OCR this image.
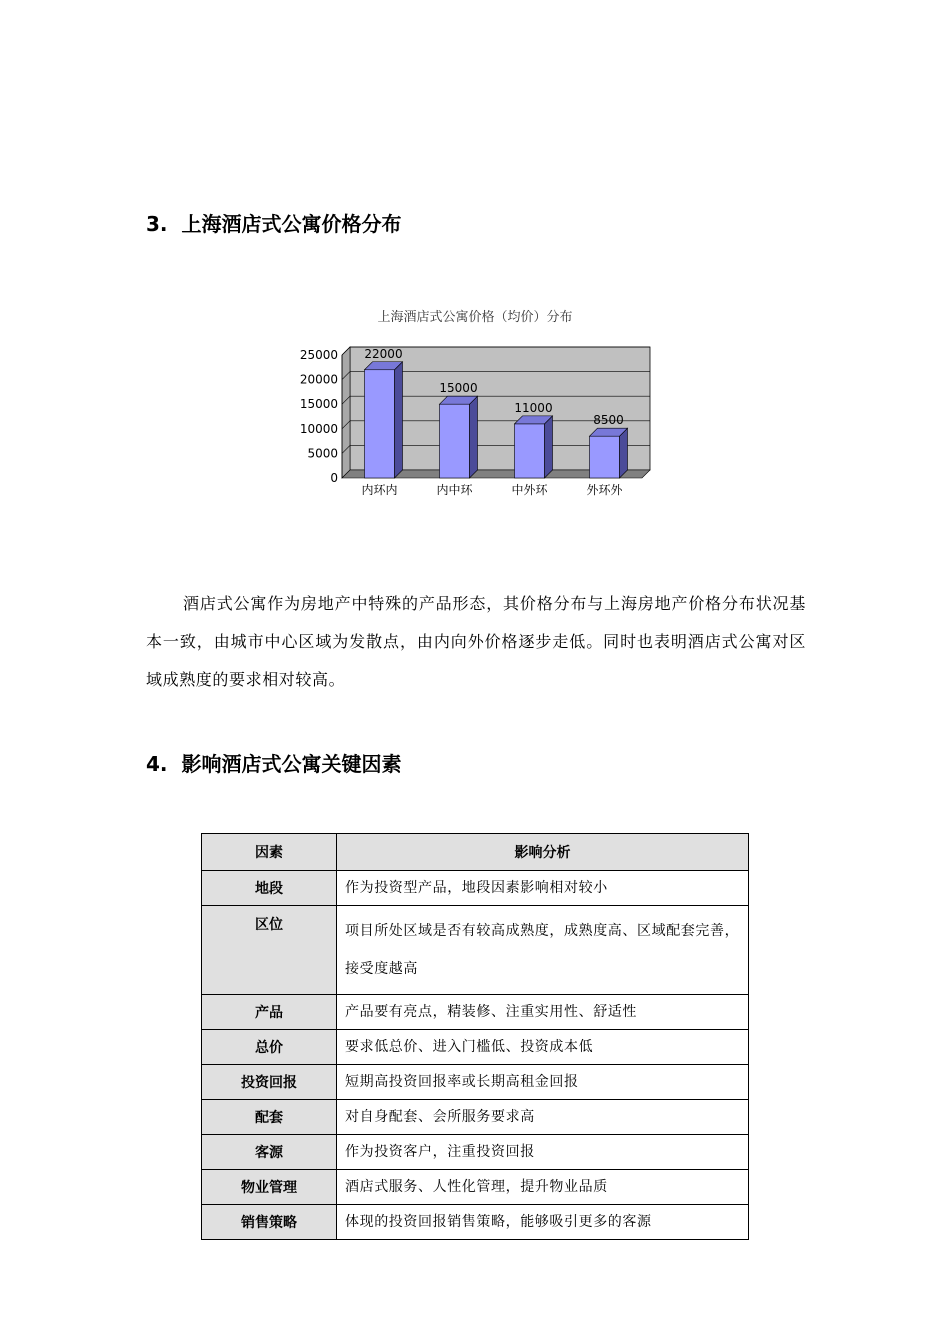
3. 上海酒店式公寓价格分布
上海酒店式公寓价格（均价）分布
0
5000
10000
15000
20000
25000 22000
内环内
15000
内中环
11000
中外环
8500
外环外

酒店式公寓作为房地产中特殊的产品形态，其价格分布与上海房地产价格分布状况基本一致，由城市中心区域为发散点，由内向外价格逐步走低。同时也表明酒店式公寓对区域成熟度的要求相对较高。

4. 影响酒店式公寓关键因素
因素	影响分析
地段	作为投资型产品，地段因素影响相对较小
区位	项目所处区域是否有较高成熟度，成熟度高、区域配套完善，接受度越高
产品	产品要有亮点，精装修、注重实用性、舒适性
总价	要求低总价、进入门槛低、投资成本低
投资回报	短期高投资回报率或长期高租金回报
配套	对自身配套、会所服务要求高
客源	作为投资客户，注重投资回报
物业管理	酒店式服务、人性化管理，提升物业品质
销售策略	体现的投资回报销售策略，能够吸引更多的客源
